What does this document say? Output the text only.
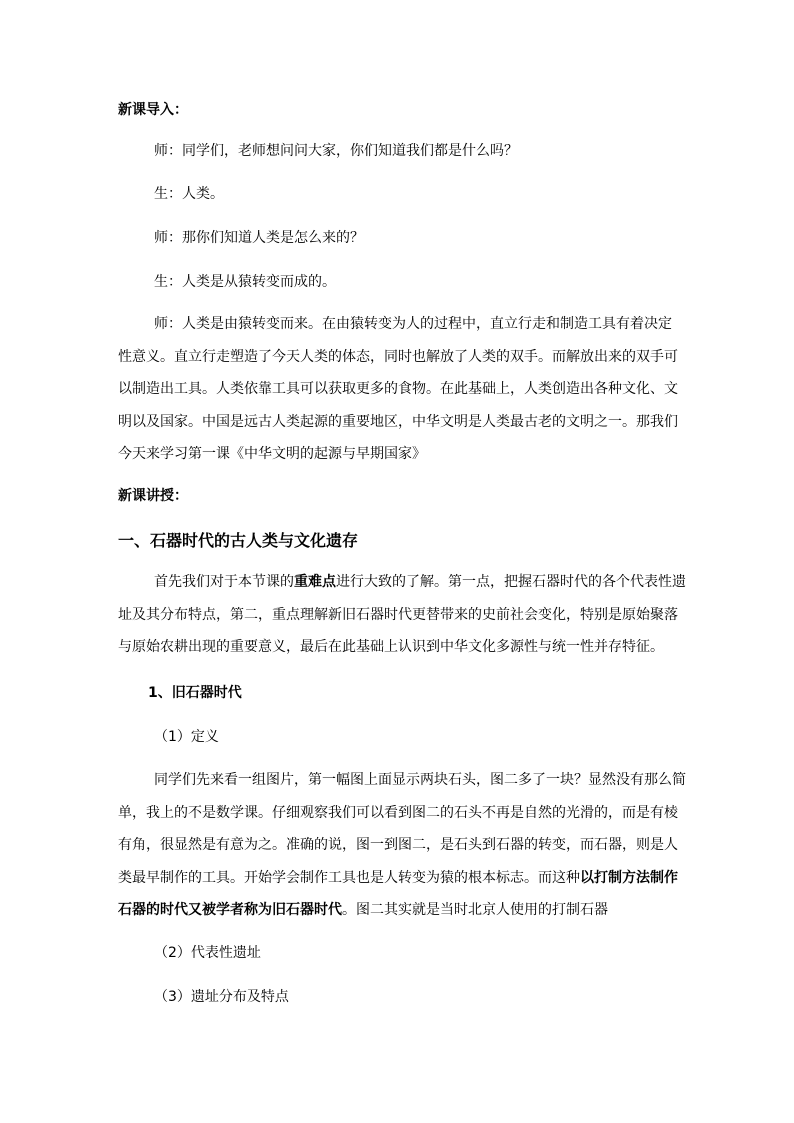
新课导入：
师：同学们，老师想问问大家，你们知道我们都是什么吗？
生：人类。
师：那你们知道人类是怎么来的？
生：人类是从猿转变而成的。
师：人类是由猿转变而来。在由猿转变为人的过程中，直立行走和制造工具有着决定
性意义。直立行走塑造了今天人类的体态，同时也解放了人类的双手。而解放出来的双手可
以制造出工具。人类依靠工具可以获取更多的食物。在此基础上，人类创造出各种文化、文
明以及国家。中国是远古人类起源的重要地区，中华文明是人类最古老的文明之一。那我们
今天来学习第一课《中华文明的起源与早期国家》
新课讲授：
一、石器时代的古人类与文化遗存
首先我们对于本节课的重难点进行大致的了解。第一点，把握石器时代的各个代表性遗
址及其分布特点，第二，重点理解新旧石器时代更替带来的史前社会变化，特别是原始聚落
与原始农耕出现的重要意义，最后在此基础上认识到中华文化多源性与统一性并存特征。
1、旧石器时代
（1）定义
同学们先来看一组图片，第一幅图上面显示两块石头，图二多了一块？显然没有那么简
单，我上的不是数学课。仔细观察我们可以看到图二的石头不再是自然的光滑的，而是有棱
有角，很显然是有意为之。准确的说，图一到图二，是石头到石器的转变，而石器，则是人
类最早制作的工具。开始学会制作工具也是人转变为猿的根本标志。而这种以打制方法制作
石器的时代又被学者称为旧石器时代。图二其实就是当时北京人使用的打制石器
（2）代表性遗址
（3）遗址分布及特点
